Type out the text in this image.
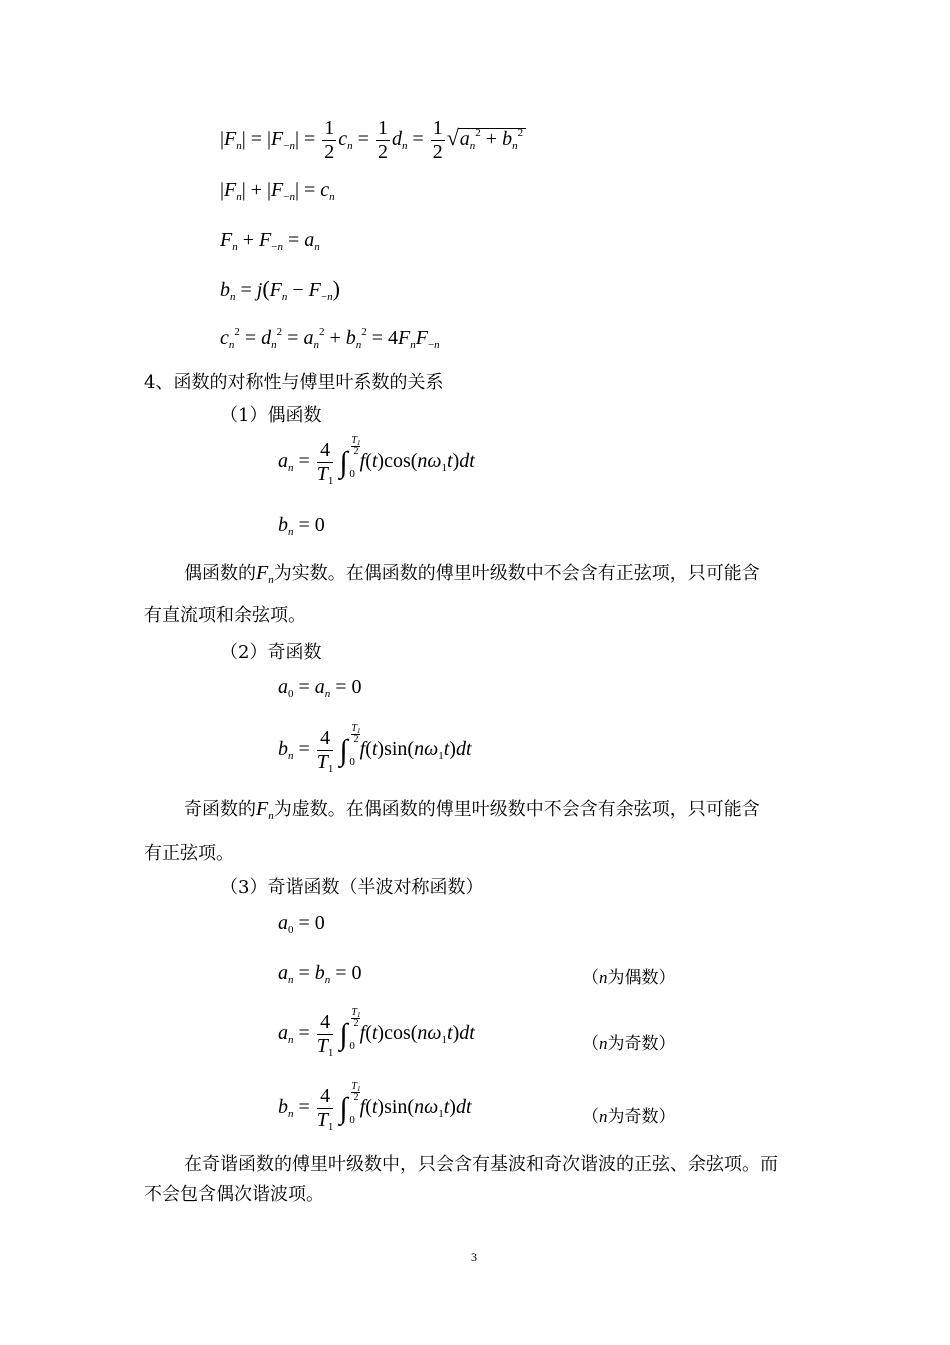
$|F_n| = |F_{-n}| = \frac{1}{2} c_n = \frac{1}{2} d_n = \frac{1}{2} √a_n^2 + b_n^2$
$|F_n| + |F_{-n}| = c_n$
$F_n + F_{-n} = a_n$
$b_n = j(F_n - F_{-n})$
$c_n^2 = d_n^2 = a_n^2 + b_n^2 = 4F_nF_{-n}$
4、函数的对称性与傅里叶系数的关系
（1）偶函数
$a_n = \frac{4}{T_1}$ ∫
$T_1$
2
0
$f(t)\cos(n\omega_1t)dt$
$b_n = 0$
偶函数的$F_n$为实数。在偶函数的傅里叶级数中不会含有正弦项，只可能含
有直流项和余弦项。
（2）奇函数
$a_0 = a_n = 0$
$b_n = \frac{4}{T_1}$ ∫
$T_1$
2
0
$f(t)\sin(n\omega_1t)dt$
奇函数的$F_n$为虚数。在偶函数的傅里叶级数中不会含有余弦项，只可能含
有正弦项。
（3）奇谐函数（半波对称函数）
$a_0 = 0$
$a_n = b_n = 0$	（n为偶数）
$a_n = \frac{4}{T_1}$ ∫
$T_1$
2
0
$f(t)\cos(n\omega_1t)dt$	（n为奇数）
$b_n = \frac{4}{T_1}$ ∫
$T_1$
2
0
$f(t)\sin(n\omega_1t)dt$	（n为奇数）
在奇谐函数的傅里叶级数中，只会含有基波和奇次谐波的正弦、余弦项。而
不会包含偶次谐波项。
3
